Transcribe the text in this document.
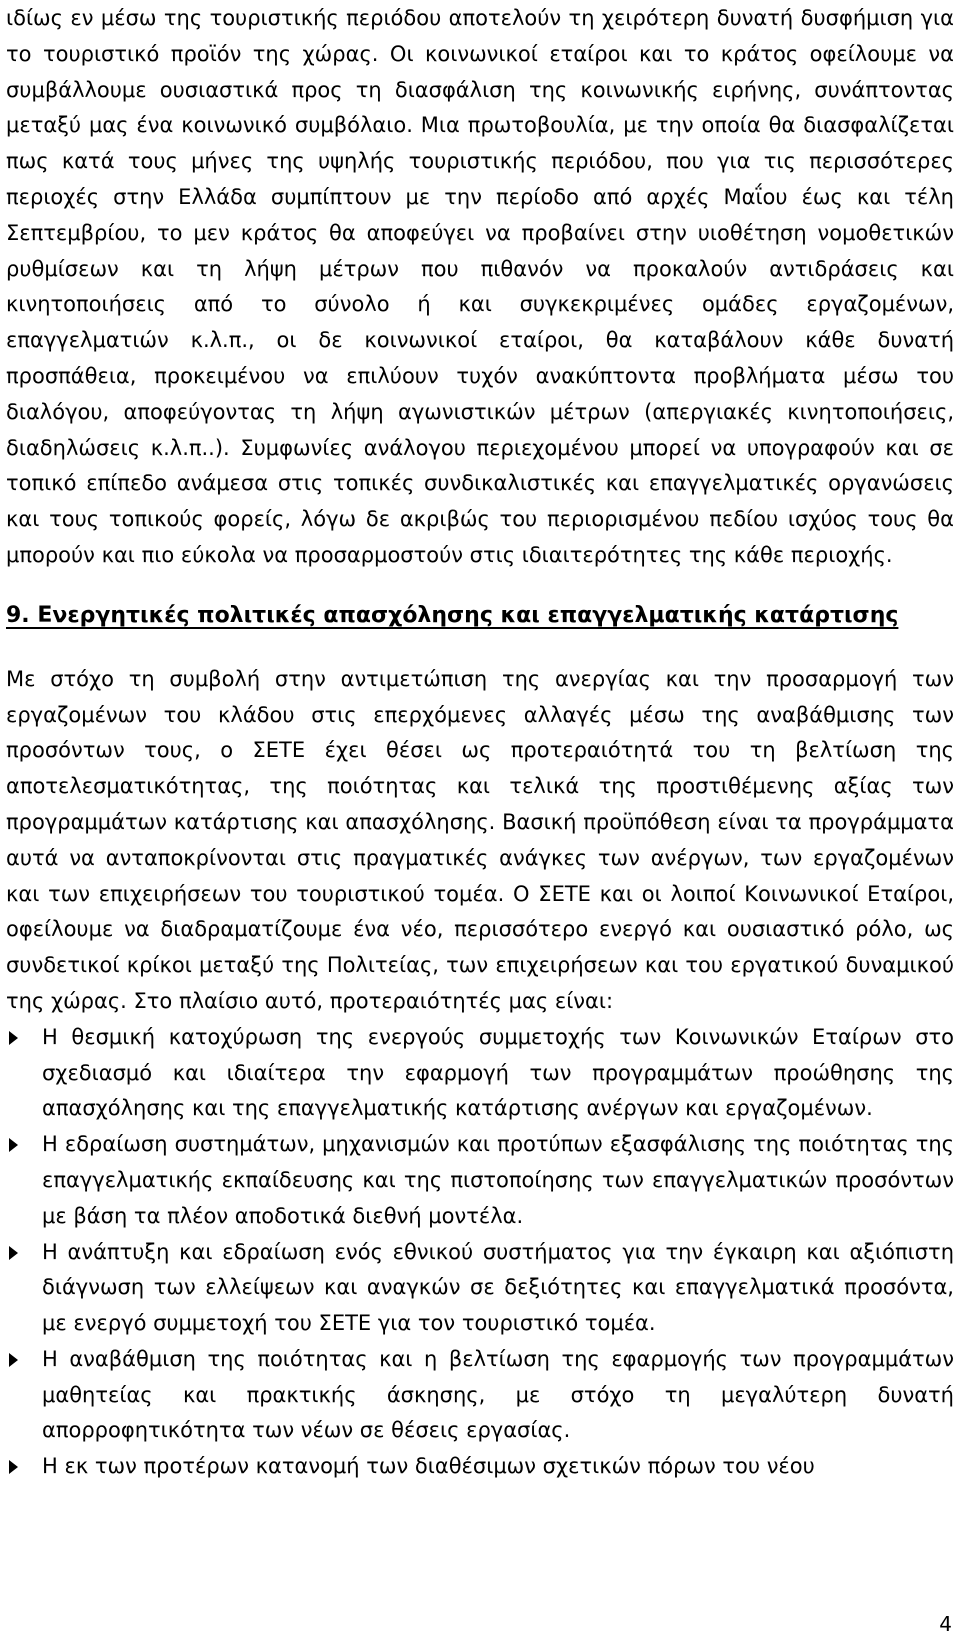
ιδίως εν μέσω της τουριστικής περιόδου αποτελούν τη χειρότερη δυνατή δυσφήμιση για το τουριστικό προϊόν της χώρας. Οι κοινωνικοί εταίροι και το κράτος οφείλουμε να συμβάλλουμε ουσιαστικά προς τη διασφάλιση της κοινωνικής ειρήνης, συνάπτοντας μεταξύ μας ένα κοινωνικό συμβόλαιο. Μια πρωτοβουλία, με την οποία θα διασφαλίζεται πως κατά τους μήνες της υψηλής τουριστικής περιόδου, που για τις περισσότερες περιοχές στην Ελλάδα συμπίπτουν με την περίοδο από αρχές Μαΐου έως και τέλη Σεπτεμβρίου, το μεν κράτος θα αποφεύγει να προβαίνει στην υιοθέτηση νομοθετικών ρυθμίσεων και τη λήψη μέτρων που πιθανόν να προκαλούν αντιδράσεις και κινητοποιήσεις από το σύνολο ή και συγκεκριμένες ομάδες εργαζομένων, επαγγελματιών κ.λ.π., οι δε κοινωνικοί εταίροι, θα καταβάλουν κάθε δυνατή προσπάθεια, προκειμένου να επιλύουν τυχόν ανακύπτοντα προβλήματα μέσω του διαλόγου, αποφεύγοντας τη λήψη αγωνιστικών μέτρων (απεργιακές κινητοποιήσεις, διαδηλώσεις κ.λ.π..). Συμφωνίες ανάλογου περιεχομένου μπορεί να υπογραφούν και σε τοπικό επίπεδο ανάμεσα στις τοπικές συνδικαλιστικές και επαγγελματικές οργανώσεις και τους τοπικούς φορείς, λόγω δε ακριβώς του περιορισμένου πεδίου ισχύος τους θα μπορούν και πιο εύκολα να προσαρμοστούν στις ιδιαιτερότητες της κάθε περιοχής.

9. Ενεργητικές πολιτικές απασχόλησης και επαγγελματικής κατάρτισης

Με στόχο τη συμβολή στην αντιμετώπιση της ανεργίας και την προσαρμογή των εργαζομένων του κλάδου στις επερχόμενες αλλαγές μέσω της αναβάθμισης των προσόντων τους, ο ΣΕΤΕ έχει θέσει ως προτεραιότητά του τη βελτίωση της αποτελεσματικότητας, της ποιότητας και τελικά της προστιθέμενης αξίας των προγραμμάτων κατάρτισης και απασχόλησης. Βασική προϋπόθεση είναι τα προγράμματα αυτά να ανταποκρίνονται στις πραγματικές ανάγκες των ανέργων, των εργαζομένων και των επιχειρήσεων του τουριστικού τομέα. Ο ΣΕΤΕ και οι λοιποί Κοινωνικοί Εταίροι, οφείλουμε να διαδραματίζουμε ένα νέο, περισσότερο ενεργό και ουσιαστικό ρόλο, ως συνδετικοί κρίκοι μεταξύ της Πολιτείας, των επιχειρήσεων και του εργατικού δυναμικού της χώρας. Στο πλαίσιο αυτό, προτεραιότητές μας είναι:

Η θεσμική κατοχύρωση της ενεργούς συμμετοχής των Κοινωνικών Εταίρων στο σχεδιασμό και ιδιαίτερα την εφαρμογή των προγραμμάτων προώθησης της απασχόλησης και της επαγγελματικής κατάρτισης ανέργων και εργαζομένων.
Η εδραίωση συστημάτων, μηχανισμών και προτύπων εξασφάλισης της ποιότητας της επαγγελματικής εκπαίδευσης και της πιστοποίησης των επαγγελματικών προσόντων με βάση τα πλέον αποδοτικά διεθνή μοντέλα.
Η ανάπτυξη και εδραίωση ενός εθνικού συστήματος για την έγκαιρη και αξιόπιστη διάγνωση των ελλείψεων και αναγκών σε δεξιότητες και επαγγελματικά προσόντα, με ενεργό συμμετοχή του ΣΕΤΕ για τον τουριστικό τομέα.
Η αναβάθμιση της ποιότητας και η βελτίωση της εφαρμογής των προγραμμάτων μαθητείας και πρακτικής άσκησης, με στόχο τη μεγαλύτερη δυνατή απορροφητικότητα των νέων σε θέσεις εργασίας.
Η εκ των προτέρων κατανομή των διαθέσιμων σχετικών πόρων του νέου
4
